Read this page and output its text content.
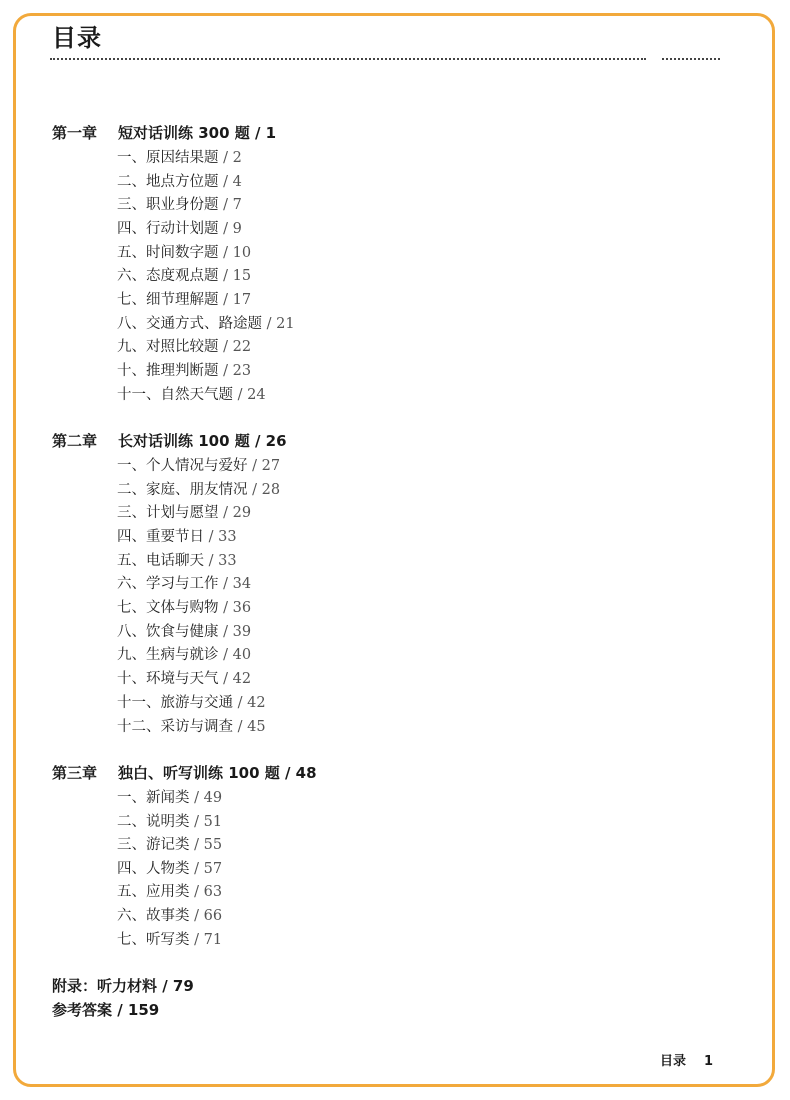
目录
第一章 短对话训练 300 题 / 1
一、原因结果题 / 2
二、地点方位题 / 4
三、职业身份题 / 7
四、行动计划题 / 9
五、时间数字题 / 10
六、态度观点题 / 15
七、细节理解题 / 17
八、交通方式、路途题 / 21
九、对照比较题 / 22
十、推理判断题 / 23
十一、自然天气题 / 24
第二章 长对话训练 100 题 / 26
一、个人情况与爱好 / 27
二、家庭、朋友情况 / 28
三、计划与愿望 / 29
四、重要节日 / 33
五、电话聊天 / 33
六、学习与工作 / 34
七、文体与购物 / 36
八、饮食与健康 / 39
九、生病与就诊 / 40
十、环境与天气 / 42
十一、旅游与交通 / 42
十二、采访与调查 / 45
第三章 独白、听写训练 100 题 / 48
一、新闻类 / 49
二、说明类 / 51
三、游记类 / 55
四、人物类 / 57
五、应用类 / 63
六、故事类 / 66
七、听写类 / 71
附录：听力材料 / 79
参考答案 / 159
目录 1
